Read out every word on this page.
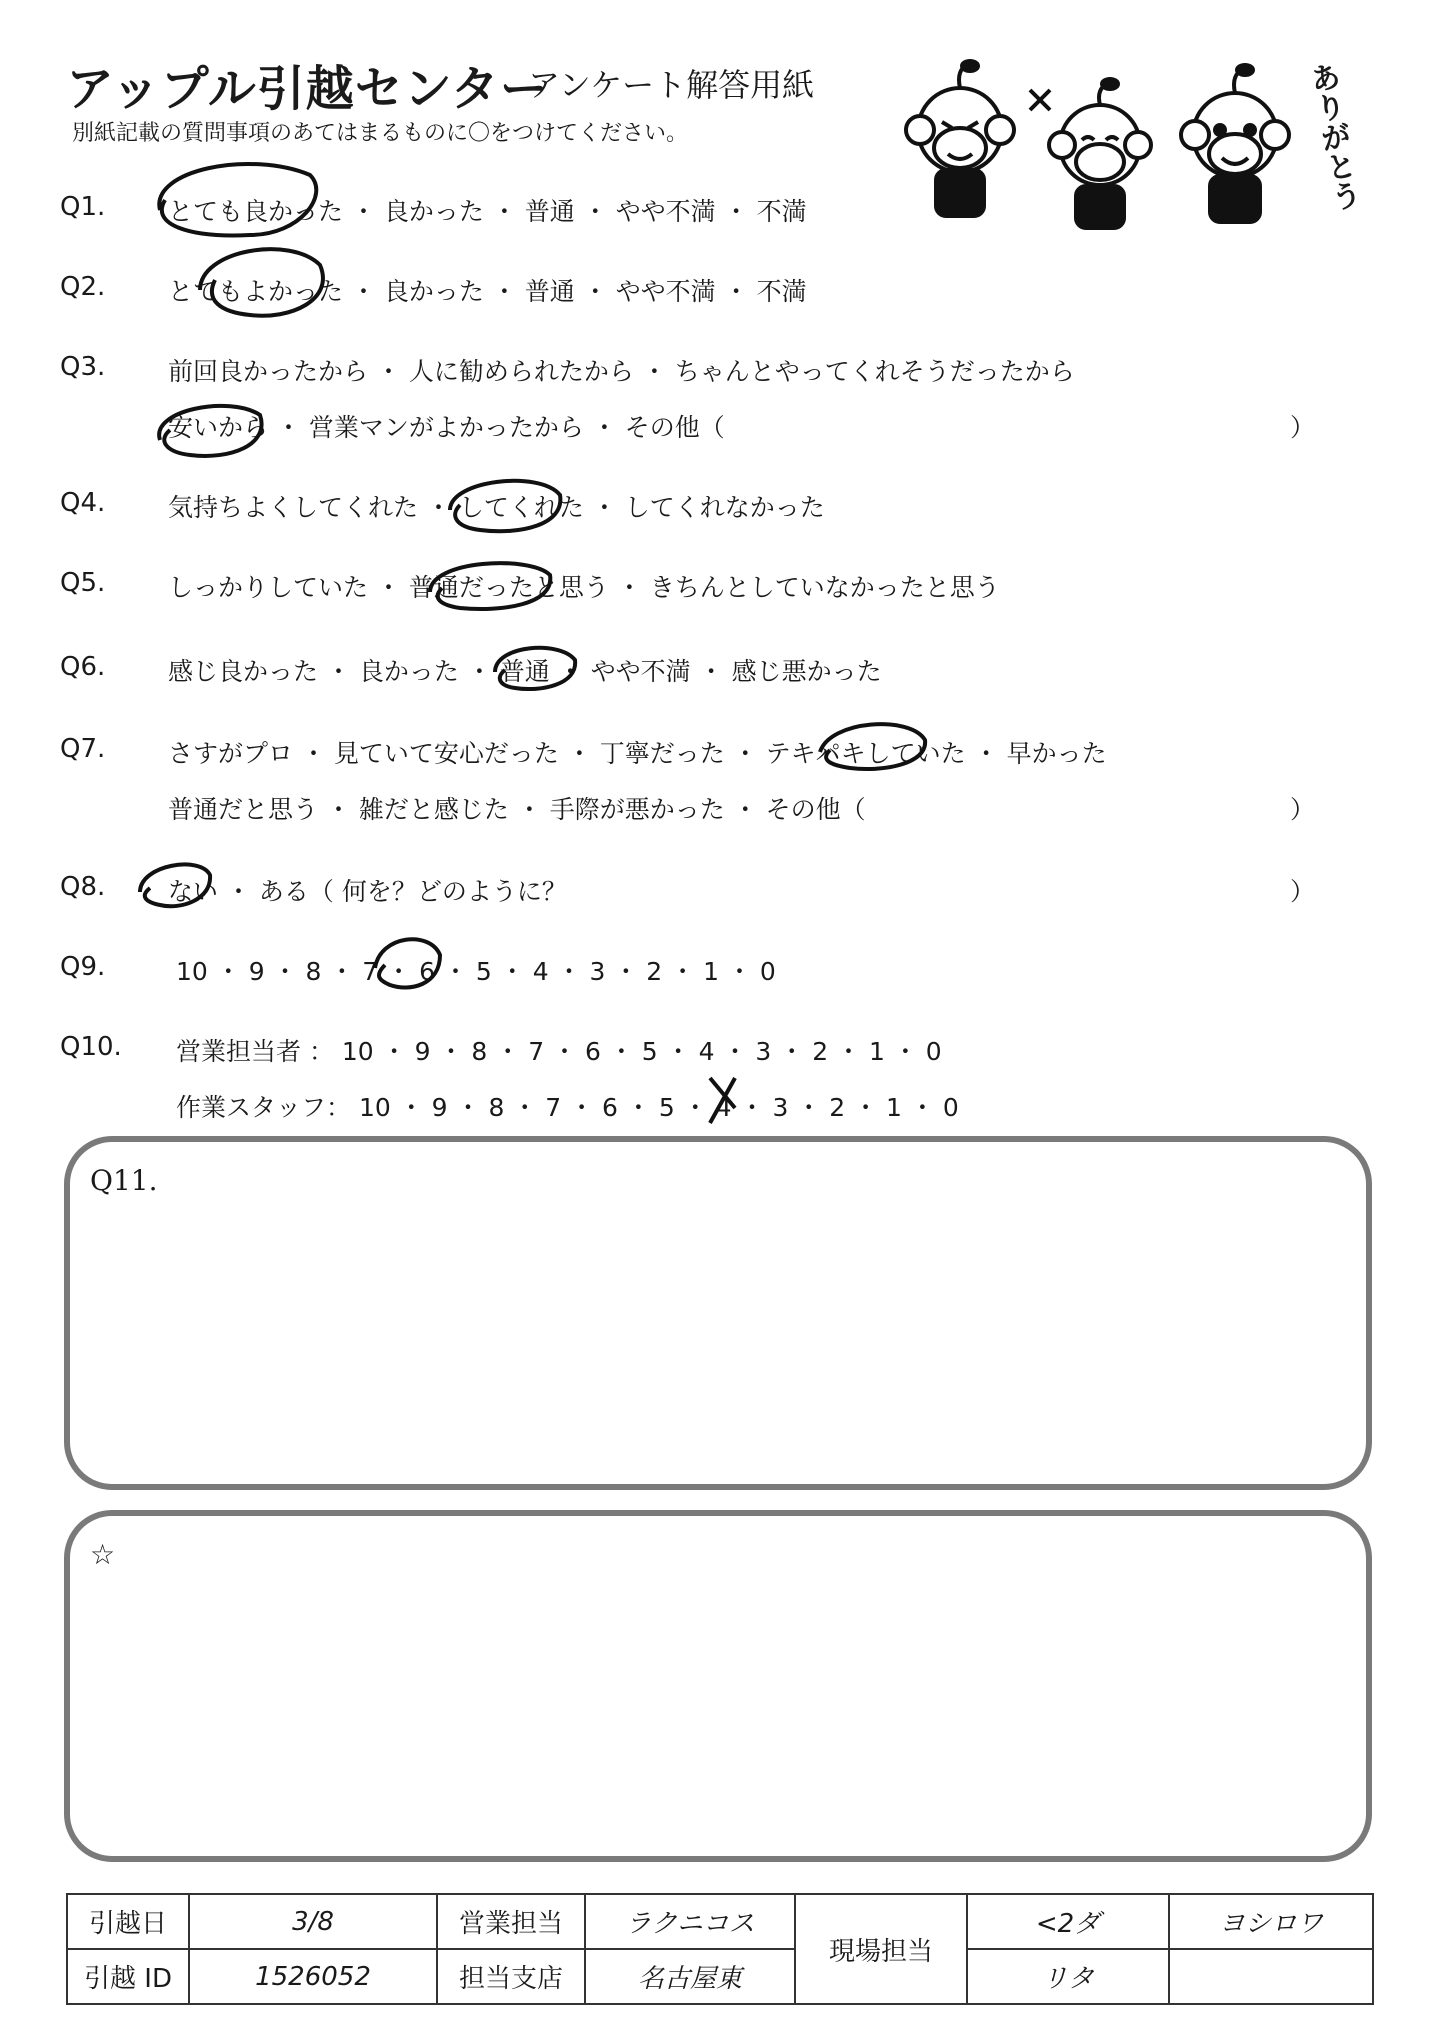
アップル引越センター
アンケート解答用紙
別紙記載の質問事項のあてはまるものに〇をつけてください。	ありがとう
Q1.	とても良かった ・ 良かった ・ 普通 ・ やや不満 ・ 不満
Q2.	とてもよかった ・ 良かった ・ 普通 ・ やや不満 ・ 不満
Q3.	前回良かったから ・ 人に勧められたから ・ ちゃんとやってくれそうだったから
安いから ・ 営業マンがよかったから ・ その他（	）
Q4.	気持ちよくしてくれた ・ してくれた ・ してくれなかった
Q5.	しっかりしていた ・ 普通だったと思う ・ きちんとしていなかったと思う
Q6.	感じ良かった ・ 良かった ・ 普通 ・ やや不満 ・ 感じ悪かった
Q7.	さすがプロ ・ 見ていて安心だった ・ 丁寧だった ・ テキパキしていた ・ 早かった
普通だと思う ・ 雑だと感じた ・ 手際が悪かった ・ その他（	）
Q8.	ない ・ ある（ 何を？どのように？	）
Q9.	10 ・ 9 ・ 8 ・ 7 ・ 6 ・ 5 ・ 4 ・ 3 ・ 2 ・ 1 ・ 0
Q10. 営業担当者 ： 10 ・ 9 ・ 8 ・ 7 ・ 6 ・ 5 ・ 4 ・ 3 ・ 2 ・ 1 ・ 0
作業スタッフ： 10 ・ 9 ・ 8 ・ 7 ・ 6 ・ 5 ・ 4 ・ 3 ・ 2 ・ 1 ・ 0
Q11.
☆
引越日	3/8	営業担当	ラクニコス	現場担当	<2ダ	ヨシロワ
引越 ID	1526052	担当支店	名古屋東		リタ	
